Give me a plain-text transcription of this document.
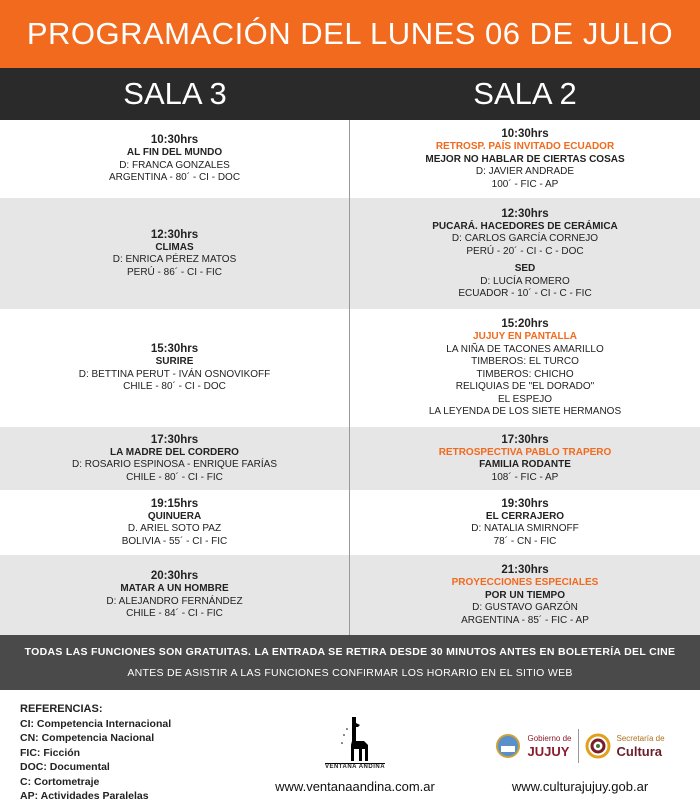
PROGRAMACIÓN DEL LUNES 06 DE JULIO
SALA 3	SALA 2
10:30hrs
AL FIN DEL MUNDO
D: FRANCA GONZALES
ARGENTINA - 80´ - CI - DOC
10:30hrs
RETROSP. PAÍS INVITADO ECUADOR
MEJOR NO HABLAR DE CIERTAS COSAS
D: JAVIER ANDRADE
100´ - FIC - AP
12:30hrs
CLIMAS
D: ENRICA PÉREZ MATOS
PERÚ - 86´ - CI - FIC
12:30hrs
PUCARÁ. HACEDORES DE CERÁMICA
D: CARLOS GARCÍA CORNEJO
PERÚ - 20´ - CI - C - DOC
SED
D: LUCÍA ROMERO
ECUADOR - 10´ - CI - C - FIC
15:30hrs
SURIRE
D: BETTINA PERUT - IVÁN OSNOVIKOFF
CHILE - 80´ - CI - DOC
15:20hrs
JUJUY EN PANTALLA
LA NIÑA DE TACONES AMARILLO
TIMBEROS: EL TURCO
TIMBEROS: CHICHO
RELIQUIAS DE "EL DORADO"
EL ESPEJO
LA LEYENDA DE LOS SIETE HERMANOS
17:30hrs
LA MADRE DEL CORDERO
D: ROSARIO ESPINOSA - ENRIQUE FARÍAS
CHILE - 80´ - CI - FIC
17:30hrs
RETROSPECTIVA PABLO TRAPERO
FAMILIA RODANTE
108´ - FIC - AP
19:15hrs
QUINUERA
D. ARIEL SOTO PAZ
BOLIVIA - 55´ - CI - FIC
19:30hrs
EL CERRAJERO
D: NATALIA SMIRNOFF
78´ - CN - FIC
20:30hrs
MATAR A UN HOMBRE
D: ALEJANDRO FERNÁNDEZ
CHILE - 84´ - CI - FIC
21:30hrs
PROYECCIONES ESPECIALES
POR UN TIEMPO
D: GUSTAVO GARZÓN
ARGENTINA - 85´ - FIC - AP
TODAS LAS FUNCIONES SON GRATUITAS. LA ENTRADA SE RETIRA DESDE 30 MINUTOS ANTES EN BOLETERÍA DEL CINE
ANTES DE ASISTIR A LAS FUNCIONES CONFIRMAR LOS HORARIO EN EL SITIO WEB
REFERENCIAS:
CI: Competencia Internacional
CN: Competencia Nacional
FIC: Ficción
DOC: Documental
C: Cortometraje
AP: Actividades Paralelas
VENTANA ANDINA
www.ventanaandina.com.ar
Gobierno de
JUJUY
Secretaría de
Cultura
www.culturajujuy.gob.ar
